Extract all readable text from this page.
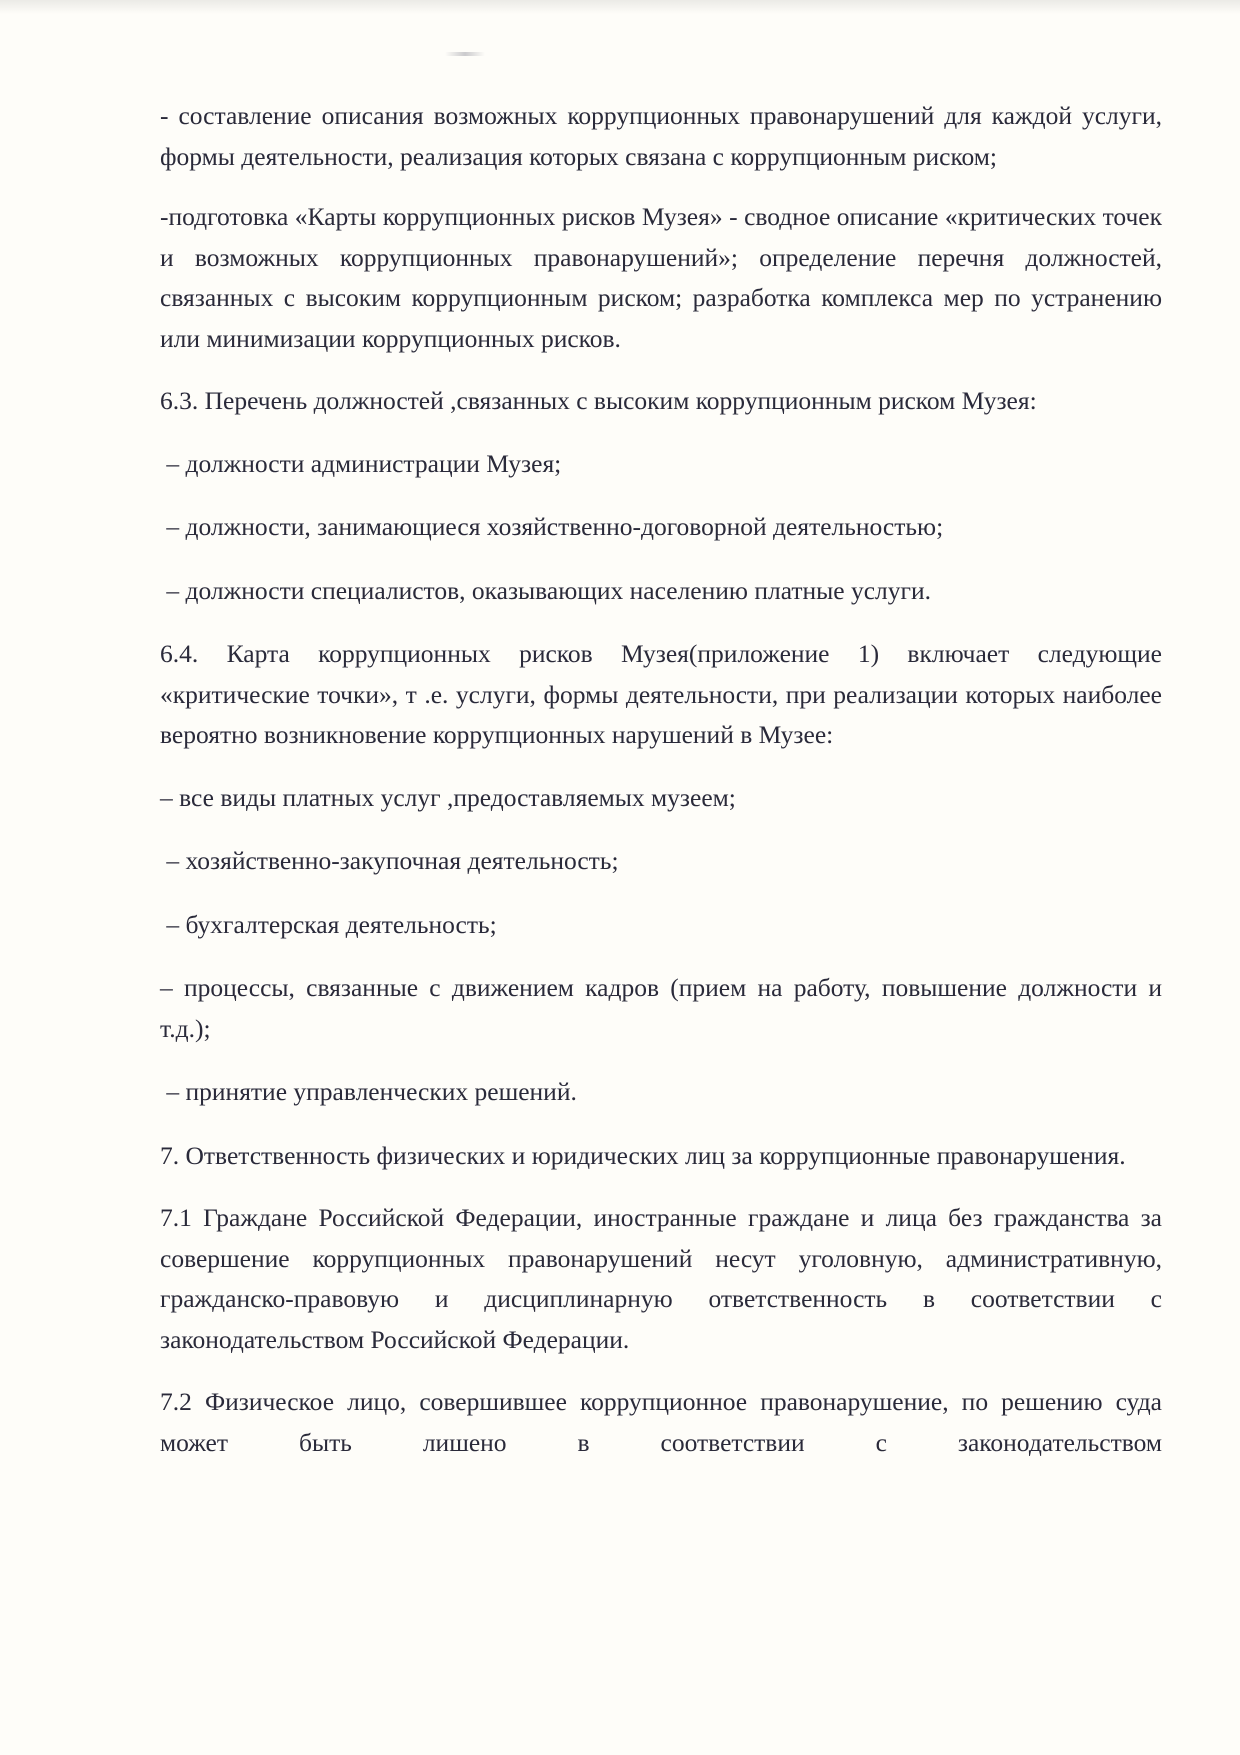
- составление описания возможных коррупционных правонарушений для каждой услуги, формы деятельности, реализация которых связана с коррупционным риском;

-подготовка «Карты коррупционных рисков Музея» - сводное описание «критических точек и возможных коррупционных правонарушений»; определение перечня должностей, связанных с высоким коррупционным риском; разработка комплекса мер по устранению или минимизации коррупционных рисков.

6.3. Перечень должностей ,связанных с высоким коррупционным риском Музея:

– должности администрации Музея;

– должности, занимающиеся хозяйственно-договорной деятельностью;

– должности специалистов, оказывающих населению платные услуги.

6.4. Карта коррупционных рисков Музея(приложение 1) включает следующие «критические точки», т .е. услуги, формы деятельности, при реализации которых наиболее вероятно возникновение коррупционных нарушений в Музее:

– все виды платных услуг ,предоставляемых музеем;

– хозяйственно-закупочная деятельность;

– бухгалтерская деятельность;

– процессы, связанные с движением кадров (прием на работу, повышение должности и т.д.);

– принятие управленческих решений.

7. Ответственность физических и юридических лиц за коррупционные правонарушения.

7.1 Граждане Российской Федерации, иностранные граждане и лица без гражданства за совершение коррупционных правонарушений несут уголовную, административную, гражданско-правовую и дисциплинарную ответственность в соответствии с законодательством Российской Федерации.

7.2 Физическое лицо, совершившее коррупционное правонарушение, по решению суда может быть лишено в соответствии с законодательством
